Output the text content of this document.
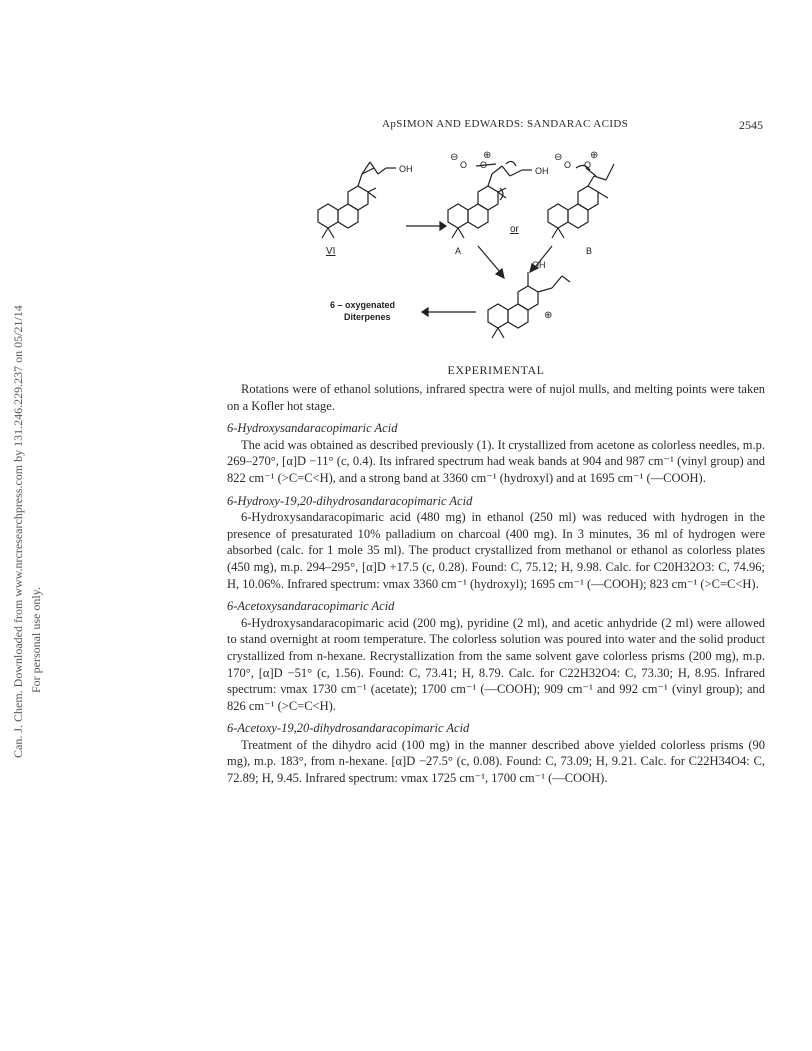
Can. J. Chem. Downloaded from www.nrcresearchpress.com by 131.246.229.237 on 05/21/14 For personal use only.
ApSIMON AND EDWARDS: SANDARAC ACIDS	2545
OH	OH
⊖
O O
⊕	⊖
O O
⊕
VI	A	B
or
OH
⊕
6 – oxygenated
Diterpenes
EXPERIMENTAL

Rotations were of ethanol solutions, infrared spectra were of nujol mulls, and melting points were taken on a Kofler hot stage.

6-Hydroxysandaracopimaric Acid

The acid was obtained as described previously (1). It crystallized from acetone as colorless needles, m.p. 269–270°, [α]D −11° (c, 0.4). Its infrared spectrum had weak bands at 904 and 987 cm⁻¹ (vinyl group) and 822 cm⁻¹ (>C=C<H), and a strong band at 3360 cm⁻¹ (hydroxyl) and at 1695 cm⁻¹ (—COOH).

6-Hydroxy-19,20-dihydrosandaracopimaric Acid

6-Hydroxysandaracopimaric acid (480 mg) in ethanol (250 ml) was reduced with hydrogen in the presence of presaturated 10% palladium on charcoal (400 mg). In 3 minutes, 36 ml of hydrogen were absorbed (calc. for 1 mole 35 ml). The product crystallized from methanol or ethanol as colorless plates (450 mg), m.p. 294–295°, [α]D +17.5 (c, 0.28). Found: C, 75.12; H, 9.98. Calc. for C20H32O3: C, 74.96; H, 10.06%. Infrared spectrum: νmax 3360 cm⁻¹ (hydroxyl); 1695 cm⁻¹ (—COOH); 823 cm⁻¹ (>C=C<H).

6-Acetoxysandaracopimaric Acid

6-Hydroxysandaracopimaric acid (200 mg), pyridine (2 ml), and acetic anhydride (2 ml) were allowed to stand overnight at room temperature. The colorless solution was poured into water and the solid product crystallized from n-hexane. Recrystallization from the same solvent gave colorless prisms (200 mg), m.p. 170°, [α]D −51° (c, 1.56). Found: C, 73.41; H, 8.79. Calc. for C22H32O4: C, 73.30; H, 8.95. Infrared spectrum: νmax 1730 cm⁻¹ (acetate); 1700 cm⁻¹ (—COOH); 909 cm⁻¹ and 992 cm⁻¹ (vinyl group); and 826 cm⁻¹ (>C=C<H).

6-Acetoxy-19,20-dihydrosandaracopimaric Acid

Treatment of the dihydro acid (100 mg) in the manner described above yielded colorless prisms (90 mg), m.p. 183°, from n-hexane. [α]D −27.5° (c, 0.08). Found: C, 73.09; H, 9.21. Calc. for C22H34O4: C, 72.89; H, 9.45. Infrared spectrum: νmax 1725 cm⁻¹, 1700 cm⁻¹ (—COOH).
